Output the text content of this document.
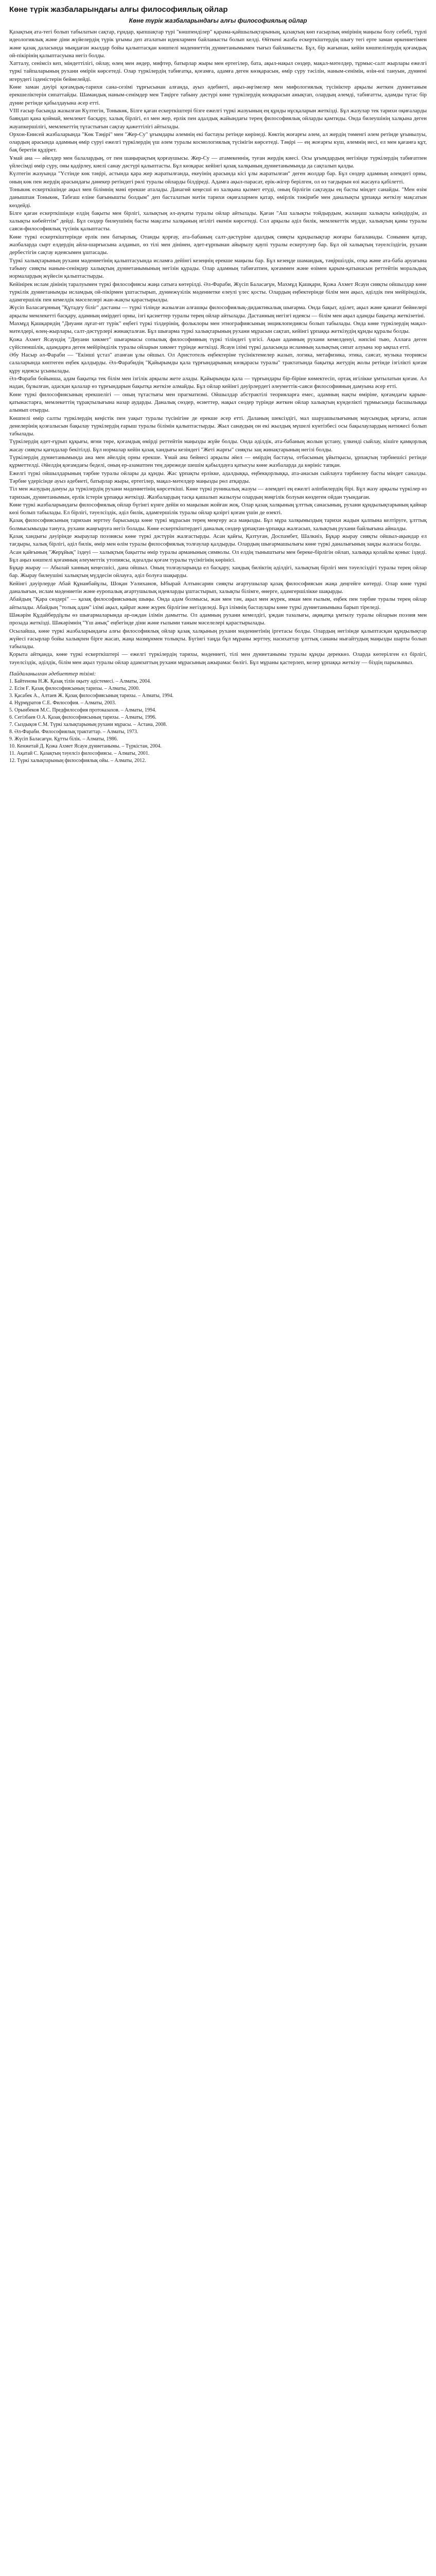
Көне түрік жазбаларындағы алғы философиялық ойлар
Көне түрік жазбаларындағы алғы философиялық ойлар

Қазақтың ата-тегі болып табылатын сақтар, ғұндар, қыпшақтар түрі "көшпенділер" қарама-қайшылықтарының, қазақтың көп ғасырлық өмірінің маңызы болу себебі, түрлі идеологиялық және діни жүйелердің түрік ұғымы деп аталатын идеялармен байланысты болып келді. Өйткені жазба ескерткіштердің шығу тегі ерте заман өркениетімен және қазақ даласында мыңдаған жылдар бойы қалыптасқан көшпелі мәдениеттің дүниетанымымен тығыз байланысты. Бұл, бір жағынан, кейін көшпелілердің қоғамдық ой-пікірінің қалыптасуына негіз болды.

Хатталу, сенімсіз кеп, міндеттілігі, ойлау, өлең мен әндер, мифтер, батырлар жыры мен ертегілер, бата, ақыл-нақыл сөздер, мақал-мәтелдер, тұрмыс-салт жырлары ежелгі түркі тайпаларының рухани өмірін көрсетеді. Олар түркілердің табиғатқа, қоғамға, адамға деген көзқарасын, өмір сүру тәсілін, наным-сенімін, өзін-өзі тануын, дүниені игерудегі ізденістерін бейнелейді.

Көне заман дәуірі қоғамдық-тарихи сана-сезімі тұрғысынан алғанда, ауыз әдебиеті, аңыз-әңгімелер мен мифологиялық түсініктер арқылы жеткен дүниетаным ерекшеліктерін сипаттайды. Шамандық наным-сенімдер мен Тәңірге табыну дәстүрі көне түркілердің көзқарасын анықтап, олардың әлемді, табиғатты, адамды тұтас бір дүние ретінде қабылдауына әсер етті.

VIII ғасыр басында жазылған Күлтегін, Тоныкөк, Білге қаған ескерткіштері бізге ежелгі түркі жазуының ең құнды нұсқаларын жеткізді. Бұл жазулар тек тарихи оқиғаларды баяндап қана қоймай, мемлекет басқару, халық бірлігі, ел мен жер, ерлік пен адалдық жайындағы терең философиялық ойларды қамтиды. Онда билеушінің халқына деген жауапкершілігі, мемлекеттің тұтастығын сақтау қажеттілігі айтылады.

Орхон-Енисей жазбаларында "Көк Тәңірі" мен "Жер-Су" ұғымдары әлемнің екі бастауы ретінде көрінеді. Көктің жоғарғы әлем, ал жердің төменгі әлем ретінде ұғынылуы, олардың арасында адамның өмір сүруі ежелгі түркілердің үш әлем туралы космологиялық түсінігін көрсетеді. Тәңірі — ең жоғарғы күш, әлемнің иесі, ел мен қағанға құт, бақ беретін құдірет.

Ұмай ана — әйелдер мен балалардың, от пен шаңырақтың қорғаушысы. Жер-Су — атамекеннің, туған жердің киесі. Осы ұғымдардың негізінде түркілердің табиғатпен үйлесімді өмір сүру, оны қадірлеу, киелі санау дәстүрі қалыптасты. Бұл көзқарас кейінгі қазақ халқының дүниетанымында да сақталып қалды.

Күлтегін жазуында "Үстінде көк тәңірі, астында қара жер жаратылғанда, екеуінің арасында кісі ұлы жаратылған" деген жолдар бар. Бұл сөздер адамның әлемдегі орны, оның көк пен жердің арасындағы дәнекер ретіндегі рөлі туралы ойларды білдіреді. Адамға ақыл-парасат, ерік-жігер берілген, ол өз тағдырын өзі жасауға қабілетті.

Тоныкөк ескерткішінде ақыл мен білімнің мәні ерекше аталады. Данагөй кеңесші өз халқына қызмет етуді, оның бірлігін сақтауды ең басты міндет санайды. "Мен өзім данышпан Тоныкөк, Табғаш еліне бағынышты болдым" деп басталатын мәтін тарихи оқиғалармен қатар, өмірлік тәжірибе мен даналықты ұрпаққа жеткізу мақсатын көздейді.

Білге қаған ескерткішінде елдің бақыты мен бірлігі, халықтың әл-ауқаты туралы ойлар айтылады. Қаған "Аш халықты тойдырдым, жалаңаш халықты киіндірдім, аз халықты көбейттім" дейді. Бұл сөздер билеушінің басты мақсаты халқының игілігі екенін көрсетеді. Сол арқылы әділ билік, мемлекеттік мүдде, халықтың қамы туралы саяси-философиялық түсінік қалыптасты.

Көне түркі ескерткіштерінде ерлік пен батырлық, Отанды қорғау, ата-бабаның салт-дәстүріне адалдық сияқты құндылықтар жоғары бағаланады. Сонымен қатар, жазбаларда сырт елдердің айла-шарғысына алданып, өз тілі мен дінінен, әдет-ғұрпынан айырылу қаупі туралы ескертулер бар. Бұл ой халықтың тәуелсіздігін, рухани дербестігін сақтау идеясымен ұштасады.

Түркі халықтарының рухани мәдениетінің қалыптасуында исламға дейінгі кезеңнің ерекше маңызы бар. Бұл кезеңде шамандық, тәңіршілдік, отқа және ата-баба аруағына табыну сияқты наным-сенімдер халықтың дүниетанымының негізін құрады. Олар адамның табиғатпен, қоғаммен және өзімен қарым-қатынасын реттейтін моральдық нормалардың жүйесін қалыптастырды.

Кейінірек ислам дінінің таралуымен түркі философиясы жаңа сатыға көтерілді. Әл-Фараби, Жүсіп Баласағұн, Махмұд Қашқари, Қожа Ахмет Ясауи сияқты ойшылдар көне түркілік дүниетанымды исламдық ой-пікірмен ұштастырып, дүниежүзілік мәдениетке елеулі үлес қосты. Олардың еңбектерінде білім мен ақыл, әділдік пен мейірімділік, адамгершілік пен кемелдік мәселелері жан-жақты қарастырылды.

Жүсіп Баласағұнның "Құтадғу біліг" дастаны — түркі тілінде жазылған алғашқы философиялық-дидактикалық шығарма. Онда бақыт, әділет, ақыл және қанағат бейнелері арқылы мемлекетті басқару, адамның өмірдегі орны, ізгі қасиеттер туралы терең ойлар айтылады. Дастанның негізгі идеясы — білім мен ақыл адамды бақытқа жеткізетіні.

Махмұд Қашқаридің "Диуани лұғат-ит түрік" еңбегі түркі тілдерінің, фольклоры мен этнографиясының энциклопедиясы болып табылады. Онда көне түркілердің мақал-мәтелдері, өлең-жырлары, салт-дәстүрлері жинақталған. Бұл шығарма түркі халықтарының рухани мұрасын сақтап, кейінгі ұрпаққа жеткізудің құнды құралы болды.

Қожа Ахмет Ясауидің "Диуани хикмет" шығармасы сопылық философияның түркі тіліндегі үлгісі. Ақын адамның рухани кемелденуі, нәпсіні тыю, Аллаға деген сүйіспеншілік, адамдарға деген мейірімділік туралы ойларын хикмет түрінде жеткізді. Ясауи ілімі түркі даласында исламның халықтық сипат алуына зор ықпал етті.

Әбу Насыр әл-Фараби — "Екінші ұстаз" атанған ұлы ойшыл. Ол Аристотель еңбектеріне түсініктемелер жазып, логика, метафизика, этика, саясат, музыка теориясы салаларында көптеген еңбек қалдырды. Әл-Фарабидің "Қайырымды қала тұрғындарының көзқарасы туралы" трактатында бақытқа жетудің жолы ретінде ізгілікті қоғам құру идеясы ұсынылады.

Әл-Фараби бойынша, адам бақытқа тек білім мен ізгілік арқылы жете алады. Қайырымды қала — тұрғындары бір-біріне көмектесіп, ортақ игілікке ұмтылатын қоғам. Ал надан, бұзылған, адасқан қалалар өз тұрғындарын бақытқа жеткізе алмайды. Бұл ойлар кейінгі дәуірлердегі әлеуметтік-саяси философияның дамуына әсер етті.

Көне түркі философиясының ерекшелігі — оның тұтастығы мен прагматизмі. Ойшылдар абстрактілі теорияларға емес, адамның нақты өміріне, қоғамдағы қарым-қатынастарға, мемлекеттің тұрақтылығына назар аударды. Даналық сөздер, өсиеттер, нақыл сөздер түрінде жеткен ойлар халықтың күнделікті тұрмысында басшылыққа алынып отырды.

Көшпелі өмір салты түркілердің кеңістік пен уақыт туралы түсінігіне де ерекше әсер етті. Даланың шексіздігі, мал шаруашылығының маусымдық ырғағы, аспан денелерінің қозғалысын бақылау түркілердің ғарыш туралы білімін қалыптастырды. Жыл санаудың он екі жылдық мүшелі күнтізбесі осы бақылаулардың нәтижесі болып табылады.

Түркілердің әдет-ғұрып құқығы, яғни төре, қоғамдық өмірді реттейтін маңызды жүйе болды. Онда әділдік, ата-бабаның жолын ұстану, үлкенді сыйлау, кішіге қамқорлық жасау сияқты қағидалар бекітілді. Бұл нормалар кейін қазақ хандығы кезіндегі "Жеті жарғы" сияқты заң жинақтарының негізі болды.

Түркілердің дүниетанымында ана мен әйелдің орны ерекше. Ұмай ана бейнесі арқылы әйел — өмірдің бастауы, отбасының ұйытқысы, ұрпақтың тәрбиешісі ретінде құрметтелді. Әйелдің қоғамдағы беделі, оның ер-азаматпен тең дәрежеде шешім қабылдауға қатысуы көне жазбаларда да көрініс тапқан.

Ежелгі түркі ойшылдарының тәрбие туралы ойлары да құнды. Жас ұрпақты ерлікке, адалдыққа, еңбекқорлыққа, ата-анасын сыйлауға тәрбиелеу басты міндет саналды. Тәрбие үдерісінде ауыз әдебиеті, батырлар жыры, ертегілер, мақал-мәтелдер маңызды рөл атқарды.

Тіл мен жазудың дамуы да түркілердің рухани мәдениетінің көрсеткіші. Көне түркі руникалық жазуы — әлемдегі ең ежелгі әліпбилердің бірі. Бұл жазу арқылы түркілер өз тарихын, дүниетанымын, ерлік істерін ұрпаққа жеткізді. Жазбалардың тасқа қашалып жазылуы олардың мәңгілік болуын көздеген ойдан туындаған.

Көне түркі жазбаларындағы философиялық ойлар бүгінгі күнге дейін өз маңызын жойған жоқ. Олар қазақ халқының ұлттық санасының, рухани құндылықтарының қайнар көзі болып табылады. Ел бірлігі, тәуелсіздік, әділ билік, адамгершілік туралы ойлар қазіргі қоғам үшін де өзекті.

Қазақ философиясының тарихын зерттеу барысында көне түркі мұрасын терең меңгеру аса маңызды. Бұл мұра халқымыздың тарихи жадын қалпына келтіруге, ұлттық болмысымызды тануға, рухани жаңғыруға негіз болады. Көне ескерткіштердегі даналық сөздер ұрпақтан-ұрпаққа жалғасып, халықтың рухани байлығына айналды.

Қазақ хандығы дәуірінде жыраулар поэзиясы көне түркі дәстүрін жалғастырды. Асан қайғы, Қазтуған, Доспамбет, Шалкиіз, Бұқар жырау сияқты ойшыл-ақындар ел тағдыры, халық бірлігі, әділ билік, өмір мен өлім туралы философиялық толғаулар қалдырды. Олардың шығармашылығы көне түркі даналығының заңды жалғасы болды.

Асан қайғының "Жерұйық" іздеуі — халықтың бақытты өмір туралы арманының символы. Ол елдің тыныштығы мен береке-бірлігін ойлап, халыққа қолайлы қоныс іздеді. Бұл аңыз көшпелі қоғамның әлеуметтік утопиясы, идеалды қоғам туралы түсінігінің көрінісі.

Бұқар жырау — Абылай ханның кеңесшісі, дана ойшыл. Оның толғауларында ел басқару, хандық биліктің әділдігі, халықтың бірлігі мен тәуелсіздігі туралы терең ойлар бар. Жырау билеушіні халықтың мүддесін ойлауға, әділ болуға шақырды.

Кейінгі дәуірлерде Абай Құнанбайұлы, Шоқан Уәлиханов, Ыбырай Алтынсарин сияқты ағартушылар қазақ философиясын жаңа деңгейге көтерді. Олар көне түркі даналығын, ислам мәдениетін және еуропалық ағартушылық идеяларды ұштастырып, халықты білімге, өнерге, адамгершілікке шақырды.

Абайдың "Қара сөздері" — қазақ философиясының шыңы. Онда адам болмысы, жан мен тән, ақыл мен жүрек, иман мен ғылым, еңбек пен тәрбие туралы терең ойлар айтылады. Абайдың "толық адам" ілімі ақыл, қайрат және жүрек бірлігіне негізделеді. Бұл ілімнің бастаулары көне түркі дүниетанымына барып тіреледі.

Шәкәрім Құдайбердіұлы өз шығармаларында ар-ождан ілімін дамытты. Ол адамның рухани кемелдігі, ұждан тазалығы, ақиқатқа ұмтылу туралы ойларын поэзия мен прозада жеткізді. Шәкәрімнің "Үш анық" еңбегінде діни және ғылыми таным мәселелері қарастырылады.

Осылайша, көне түркі жазбаларындағы алғы философиялық ойлар қазақ халқының рухани мәдениетінің іргетасы болды. Олардың негізінде қалыптасқан құндылықтар жүйесі ғасырлар бойы халықпен бірге жасап, жаңа мазмұнмен толықты. Бүгінгі таңда бұл мұраны зерттеу, насихаттау ұлттық сананы нығайтудың маңызды шарты болып табылады.

Қорыта айтқанда, көне түркі ескерткіштері — ежелгі түркілердің тарихы, мәдениеті, тілі мен дүниетанымы туралы құнды дереккөз. Оларда көтерілген ел бірлігі, тәуелсіздік, әділдік, білім мен ақыл туралы ойлар адамзаттың рухани мұрасының ажырамас бөлігі. Бұл мұраны қастерлеп, келер ұрпаққа жеткізу — біздің парызымыз.

Пайдаланылған әдебиеттер тізімі:
1. Байтенова Н.Ж. Қазақ тілін оқыту әдістемесі. – Алматы, 2004.
2. Есім Ғ. Қазақ философиясының тарихы. – Алматы, 2000.
3. Қасабек А., Алтаев Ж. Қазақ философиясының тарихы. – Алматы, 1994.
4. Нұрмұратов С.Е. Философия. – Алматы, 2003.
5. Орынбеков М.С. Предфилософия протоказахов. – Алматы, 1994.
6. Сегізбаев О.А. Қазақ философиясының тарихы. – Алматы, 1996.
7. Сыздықов С.М. Түркі халықтарының рухани мұрасы. – Астана, 2008.
8. Әл-Фараби. Философиялық трактаттар. – Алматы, 1973.
9. Жүсіп Баласағұн. Құтты білік. – Алматы, 1986.
10. Кенжетай Д. Қожа Ахмет Ясауи дүниетанымы. – Түркістан, 2004.
11. Ақатай С. Қазақтың тәуелсіз философиясы. – Алматы, 2001.
12. Түркі халықтарының философиялық ойы. – Алматы, 2012.
